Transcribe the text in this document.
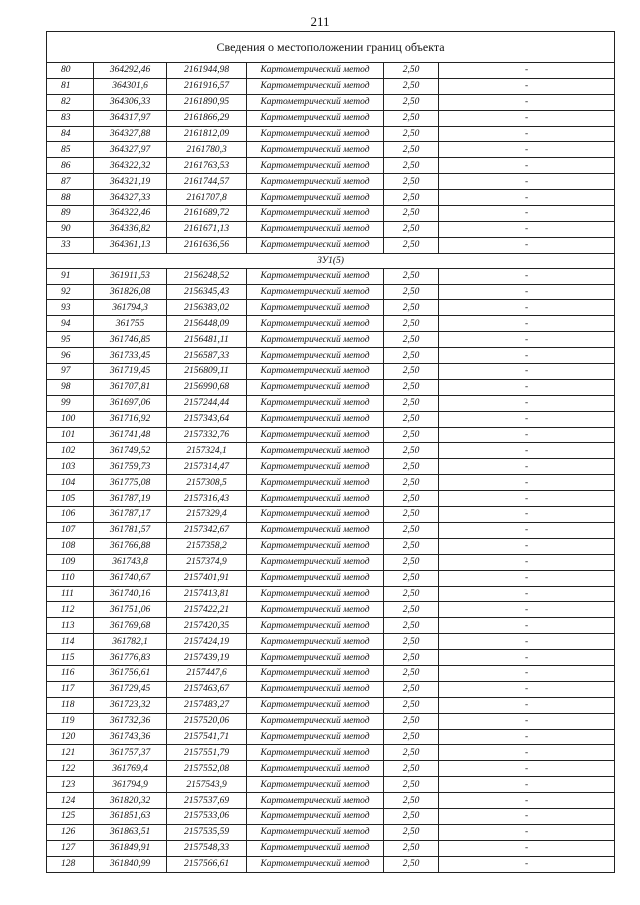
211
Сведения о местоположении границ объекта					
80	364292,46	2161944,98	Картометрический метод	2,50	-
81	364301,6	2161916,57	Картометрический метод	2,50	-
82	364306,33	2161890,95	Картометрический метод	2,50	-
83	364317,97	2161866,29	Картометрический метод	2,50	-
84	364327,88	2161812,09	Картометрический метод	2,50	-
85	364327,97	2161780,3	Картометрический метод	2,50	-
86	364322,32	2161763,53	Картометрический метод	2,50	-
87	364321,19	2161744,57	Картометрический метод	2,50	-
88	364327,33	2161707,8	Картометрический метод	2,50	-
89	364322,46	2161689,72	Картометрический метод	2,50	-
90	364336,82	2161671,13	Картометрический метод	2,50	-
33	364361,13	2161636,56	Картометрический метод	2,50	-
ЗУ1(5)					
91	361911,53	2156248,52	Картометрический метод	2,50	-
92	361826,08	2156345,43	Картометрический метод	2,50	-
93	361794,3	2156383,02	Картометрический метод	2,50	-
94	361755	2156448,09	Картометрический метод	2,50	-
95	361746,85	2156481,11	Картометрический метод	2,50	-
96	361733,45	2156587,33	Картометрический метод	2,50	-
97	361719,45	2156809,11	Картометрический метод	2,50	-
98	361707,81	2156990,68	Картометрический метод	2,50	-
99	361697,06	2157244,44	Картометрический метод	2,50	-
100	361716,92	2157343,64	Картометрический метод	2,50	-
101	361741,48	2157332,76	Картометрический метод	2,50	-
102	361749,52	2157324,1	Картометрический метод	2,50	-
103	361759,73	2157314,47	Картометрический метод	2,50	-
104	361775,08	2157308,5	Картометрический метод	2,50	-
105	361787,19	2157316,43	Картометрический метод	2,50	-
106	361787,17	2157329,4	Картометрический метод	2,50	-
107	361781,57	2157342,67	Картометрический метод	2,50	-
108	361766,88	2157358,2	Картометрический метод	2,50	-
109	361743,8	2157374,9	Картометрический метод	2,50	-
110	361740,67	2157401,91	Картометрический метод	2,50	-
111	361740,16	2157413,81	Картометрический метод	2,50	-
112	361751,06	2157422,21	Картометрический метод	2,50	-
113	361769,68	2157420,35	Картометрический метод	2,50	-
114	361782,1	2157424,19	Картометрический метод	2,50	-
115	361776,83	2157439,19	Картометрический метод	2,50	-
116	361756,61	2157447,6	Картометрический метод	2,50	-
117	361729,45	2157463,67	Картометрический метод	2,50	-
118	361723,32	2157483,27	Картометрический метод	2,50	-
119	361732,36	2157520,06	Картометрический метод	2,50	-
120	361743,36	2157541,71	Картометрический метод	2,50	-
121	361757,37	2157551,79	Картометрический метод	2,50	-
122	361769,4	2157552,08	Картометрический метод	2,50	-
123	361794,9	2157543,9	Картометрический метод	2,50	-
124	361820,32	2157537,69	Картометрический метод	2,50	-
125	361851,63	2157533,06	Картометрический метод	2,50	-
126	361863,51	2157535,59	Картометрический метод	2,50	-
127	361849,91	2157548,33	Картометрический метод	2,50	-
128	361840,99	2157566,61	Картометрический метод	2,50	-
